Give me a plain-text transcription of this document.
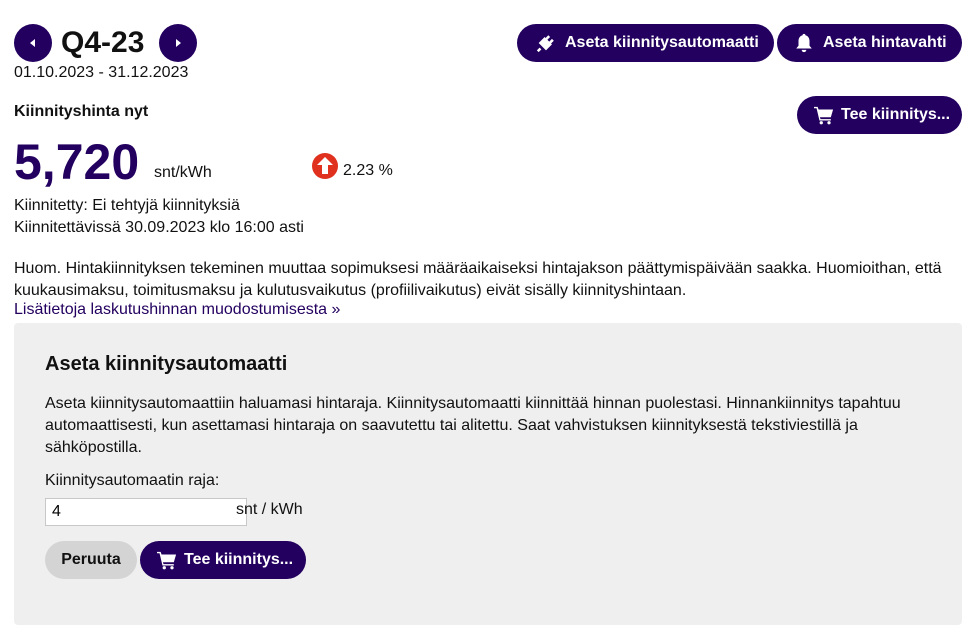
Q4-23
01.10.2023 - 31.12.2023
Aseta kiinnitysautomaatti	Aseta hintavahti
Kiinnityshinta nyt	Tee kiinnitys...
5,720 snt/kWh	2.23 %
Kiinnitetty: Ei tehtyjä kiinnityksiä
Kiinnitettävissä 30.09.2023 klo 16:00 asti
Huom. Hintakiinnityksen tekeminen muuttaa sopimuksesi määräaikaiseksi hintajakson päättymispäivään saakka. Huomioithan, että kuukausimaksu, toimitusmaksu ja kulutusvaikutus (profiilivaikutus) eivät sisälly kiinnityshintaan.
Lisätietoja laskutushinnan muodostumisesta »
Aseta kiinnitysautomaatti
Aseta kiinnitysautomaattiin haluamasi hintaraja. Kiinnitysautomaatti kiinnittää hinnan puolestasi. Hinnankiinnitys tapahtuu automaattisesti, kun asettamasi hintaraja on saavutettu tai alitettu. Saat vahvistuksen kiinnityksestä tekstiviestillä ja sähköpostilla.
Kiinnitysautomaatin raja:
4
snt / kWh
Peruuta	Tee kiinnitys...
